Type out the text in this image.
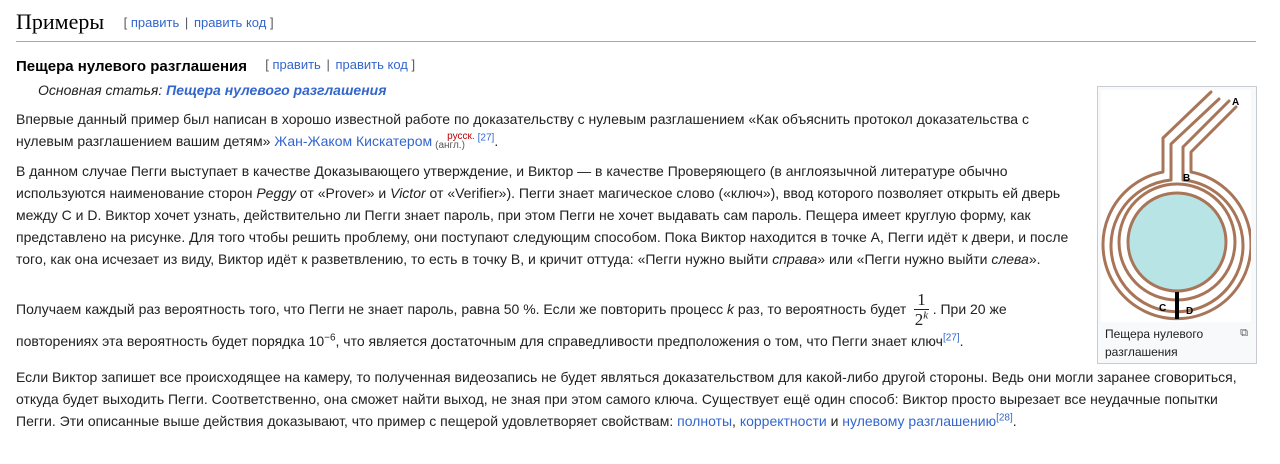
Примеры [ править | править код ]
Пещера нулевого разглашения [ править | править код ]
Основная статья: Пещера нулевого разглашения

Впервые данный пример был написан в хорошо известной работе по доказательству с нулевым разглашением «Как объяснить протокол доказательства с нулевым разглашением вашим детям» Жан-Жаком Кискатером	русск.
(англ.)
[27].

В данном случае Пегги выступает в качестве Доказывающего утверждение, и Виктор — в качестве Проверяющего (в англоязычной литературе обычно используются наименование сторон Peggy от «Prover» и Victor от «Verifier»). Пегги знает магическое слово («ключ»), ввод которого позволяет открыть ей дверь между C и D. Виктор хочет узнать, действительно ли Пегги знает пароль, при этом Пегги не хочет выдавать сам пароль. Пещера имеет круглую форму, как представлено на рисунке. Для того чтобы решить проблему, они поступают следующим способом. Пока Виктор находится в точке A, Пегги идёт к двери, и после того, как она исчезает из виду, Виктор идёт к разветвлению, то есть в точку B, и кричит оттуда: «Пегги нужно выйти справа» или «Пегги нужно выйти слева». Получаем каждый раз вероятность того, что Пегги не знает пароль, равна 50 %. Если же повторить процесс k раз, то вероятность будет $\frac{1}{2^k}$ . При 20 же повторениях эта вероятность будет порядка $10^{-6}$, что является достаточным для справедливости предположения о том, что Пегги знает ключ[27].

Если Виктор запишет все происходящее на камеру, то полученная видеозапись не будет являться доказательством для какой-либо другой стороны. Ведь они могли заранее сговориться, откуда будет выходить Пегги. Соответственно, она сможет найти выход, не зная при этом самого ключа. Существует ещё один способ: Виктор просто вырезает все неудачные попытки Пегги. Эти описанные выше действия доказывают, что пример с пещерой удовлетворяет свойствам: полноты, корректности и нулевому разглашению[28].

A
B
C D
Пещера нулевого разглашения
⧉
